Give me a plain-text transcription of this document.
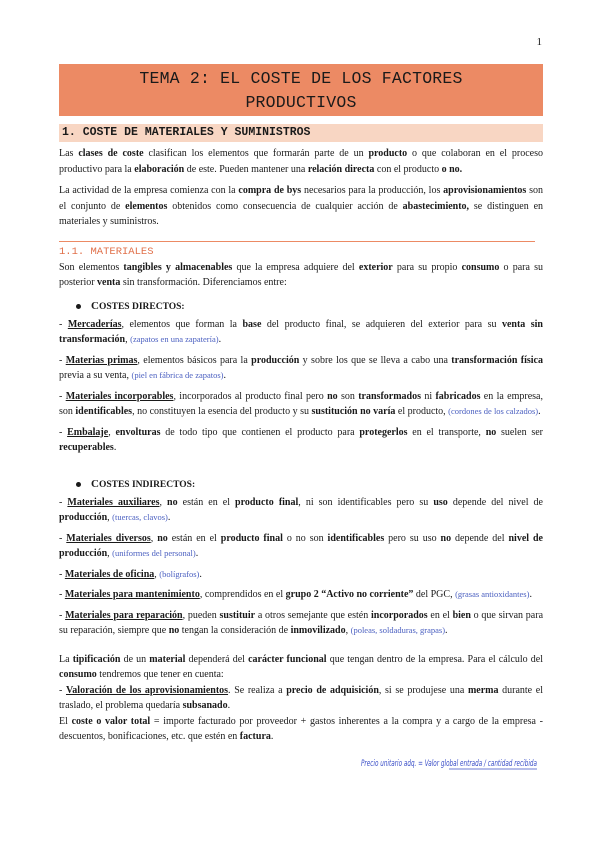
1
TEMA 2: EL COSTE DE LOS FACTORES
PRODUCTIVOS
1. COSTE DE MATERIALES Y SUMINISTROS

Las clases de coste clasifican los elementos que formarán parte de un producto o que colaboran en el proceso productivo para la elaboración de este. Pueden mantener una relación directa con el producto o no.

La actividad de la empresa comienza con la compra de bys necesarios para la producción, los aprovisionamientos son el conjunto de elementos obtenidos como consecuencia de cualquier acción de abastecimiento, se distinguen en materiales y suministros.

1.1. MATERIALES

Son elementos tangibles y almacenables que la empresa adquiere del exterior para su propio consumo o para su posterior venta sin transformación. Diferenciamos entre:

COSTES DIRECTOS:

- Mercaderías, elementos que forman la base del producto final, se adquieren del exterior para su venta sin transformación, (zapatos en una zapatería).

- Materias primas, elementos básicos para la producción y sobre los que se lleva a cabo una transformación física previa a su venta, (piel en fábrica de zapatos).

- Materiales incorporables, incorporados al producto final pero no son transformados ni fabricados en la empresa, son identificables, no constituyen la esencia del producto y su sustitución no varía el producto, (cordones de los calzados).

- Embalaje, envolturas de todo tipo que contienen el producto para protegerlos en el transporte, no suelen ser recuperables.

COSTES INDIRECTOS:

- Materiales auxiliares, no están en el producto final, ni son identificables pero su uso depende del nivel de producción, (tuercas, clavos).

- Materiales diversos, no están en el producto final o no son identificables pero su uso no depende del nivel de producción, (uniformes del personal).

- Materiales de oficina, (bolígrafos).

- Materiales para mantenimiento, comprendidos en el grupo 2 “Activo no corriente” del PGC, (grasas antioxidantes).

- Materiales para reparación, pueden sustituir a otros semejante que estén incorporados en el bien o que sirvan para su reparación, siempre que no tengan la consideración de inmovilizado, (poleas, soldaduras, grapas).

La tipificación de un material dependerá del carácter funcional que tengan dentro de la empresa. Para el cálculo del consumo tendremos que tener en cuenta:

- Valoración de los aprovisionamientos. Se realiza a precio de adquisición, si se produjese una merma durante el traslado, el problema quedaría subsanado.

El coste o valor total = importe facturado por proveedor + gastos inherentes a la compra y a cargo de la empresa - descuentos, bonificaciones, etc. que estén en factura.

Precio unitario adq. = Valor global entrada / cantidad recibida
